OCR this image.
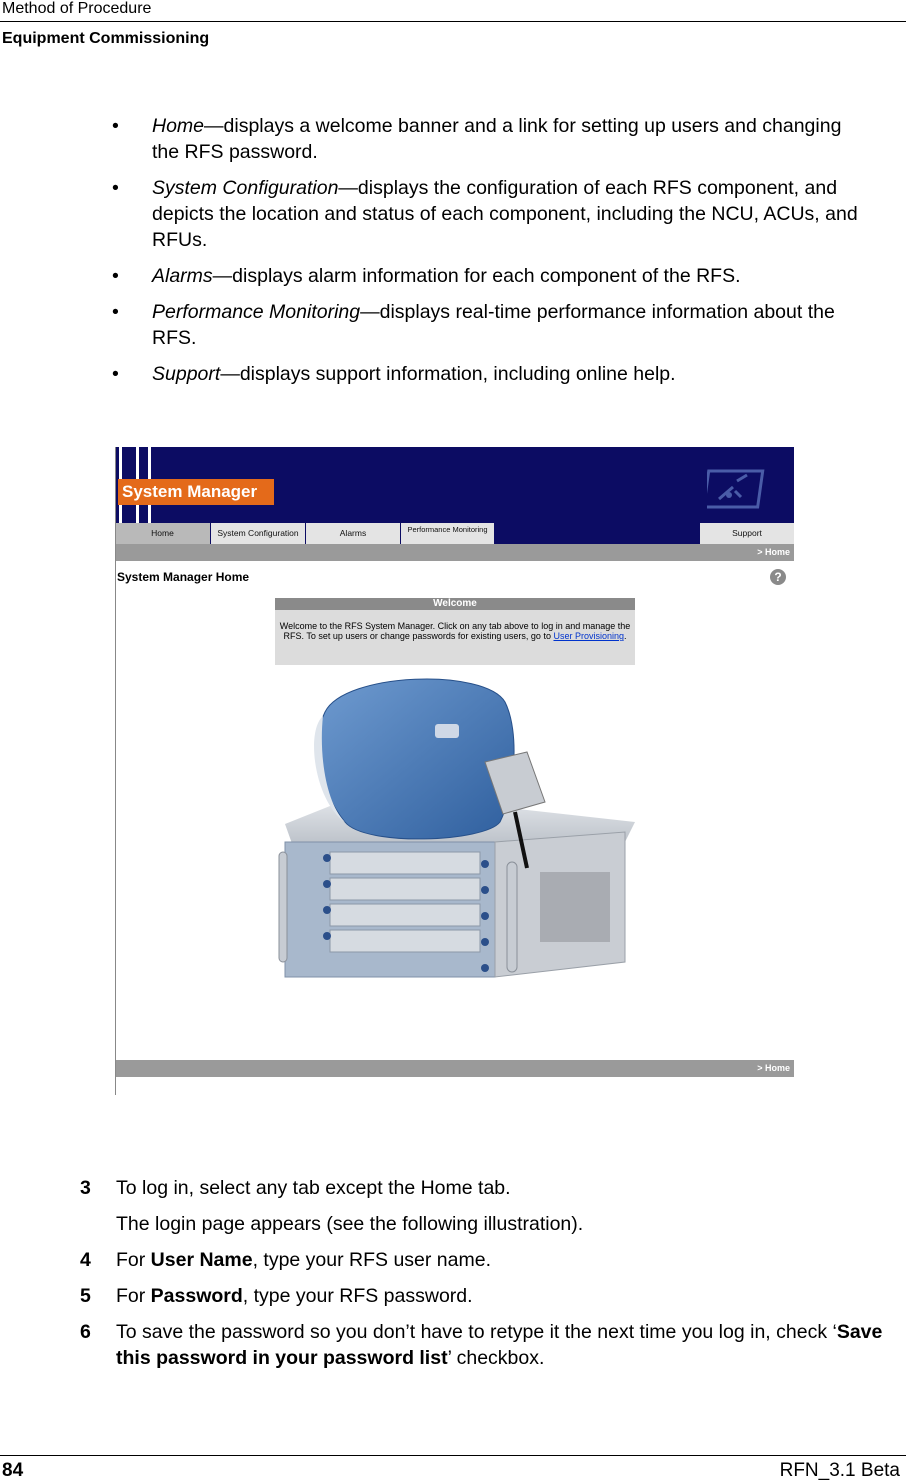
Method of Procedure
Equipment Commissioning
• Home—displays a welcome banner and a link for setting up users and changing the RFS password.
• System Configuration—displays the configuration of each RFS component, and depicts the location and status of each component, including the NCU, ACUs, and RFUs.
• Alarms—displays alarm information for each component of the RFS.
• Performance Monitoring—displays real-time performance information about the RFS.
• Support—displays support information, including online help.
System Manager
Home	System Configuration	Alarms	Performance Monitoring	Support
> Home
System Manager Home	?
Welcome
Welcome to the RFS System Manager. Click on any tab above to log in and manage the RFS. To set up users or change passwords for existing users, go to User Provisioning.
> Home
3 To log in, select any tab except the Home tab.
The login page appears (see the following illustration).
4 For User Name, type your RFS user name.
5 For Password, type your RFS password.
6 To save the password so you don’t have to retype it the next time you log in, check ‘Save this password in your password list’ checkbox.
84	RFN_3.1 Beta
